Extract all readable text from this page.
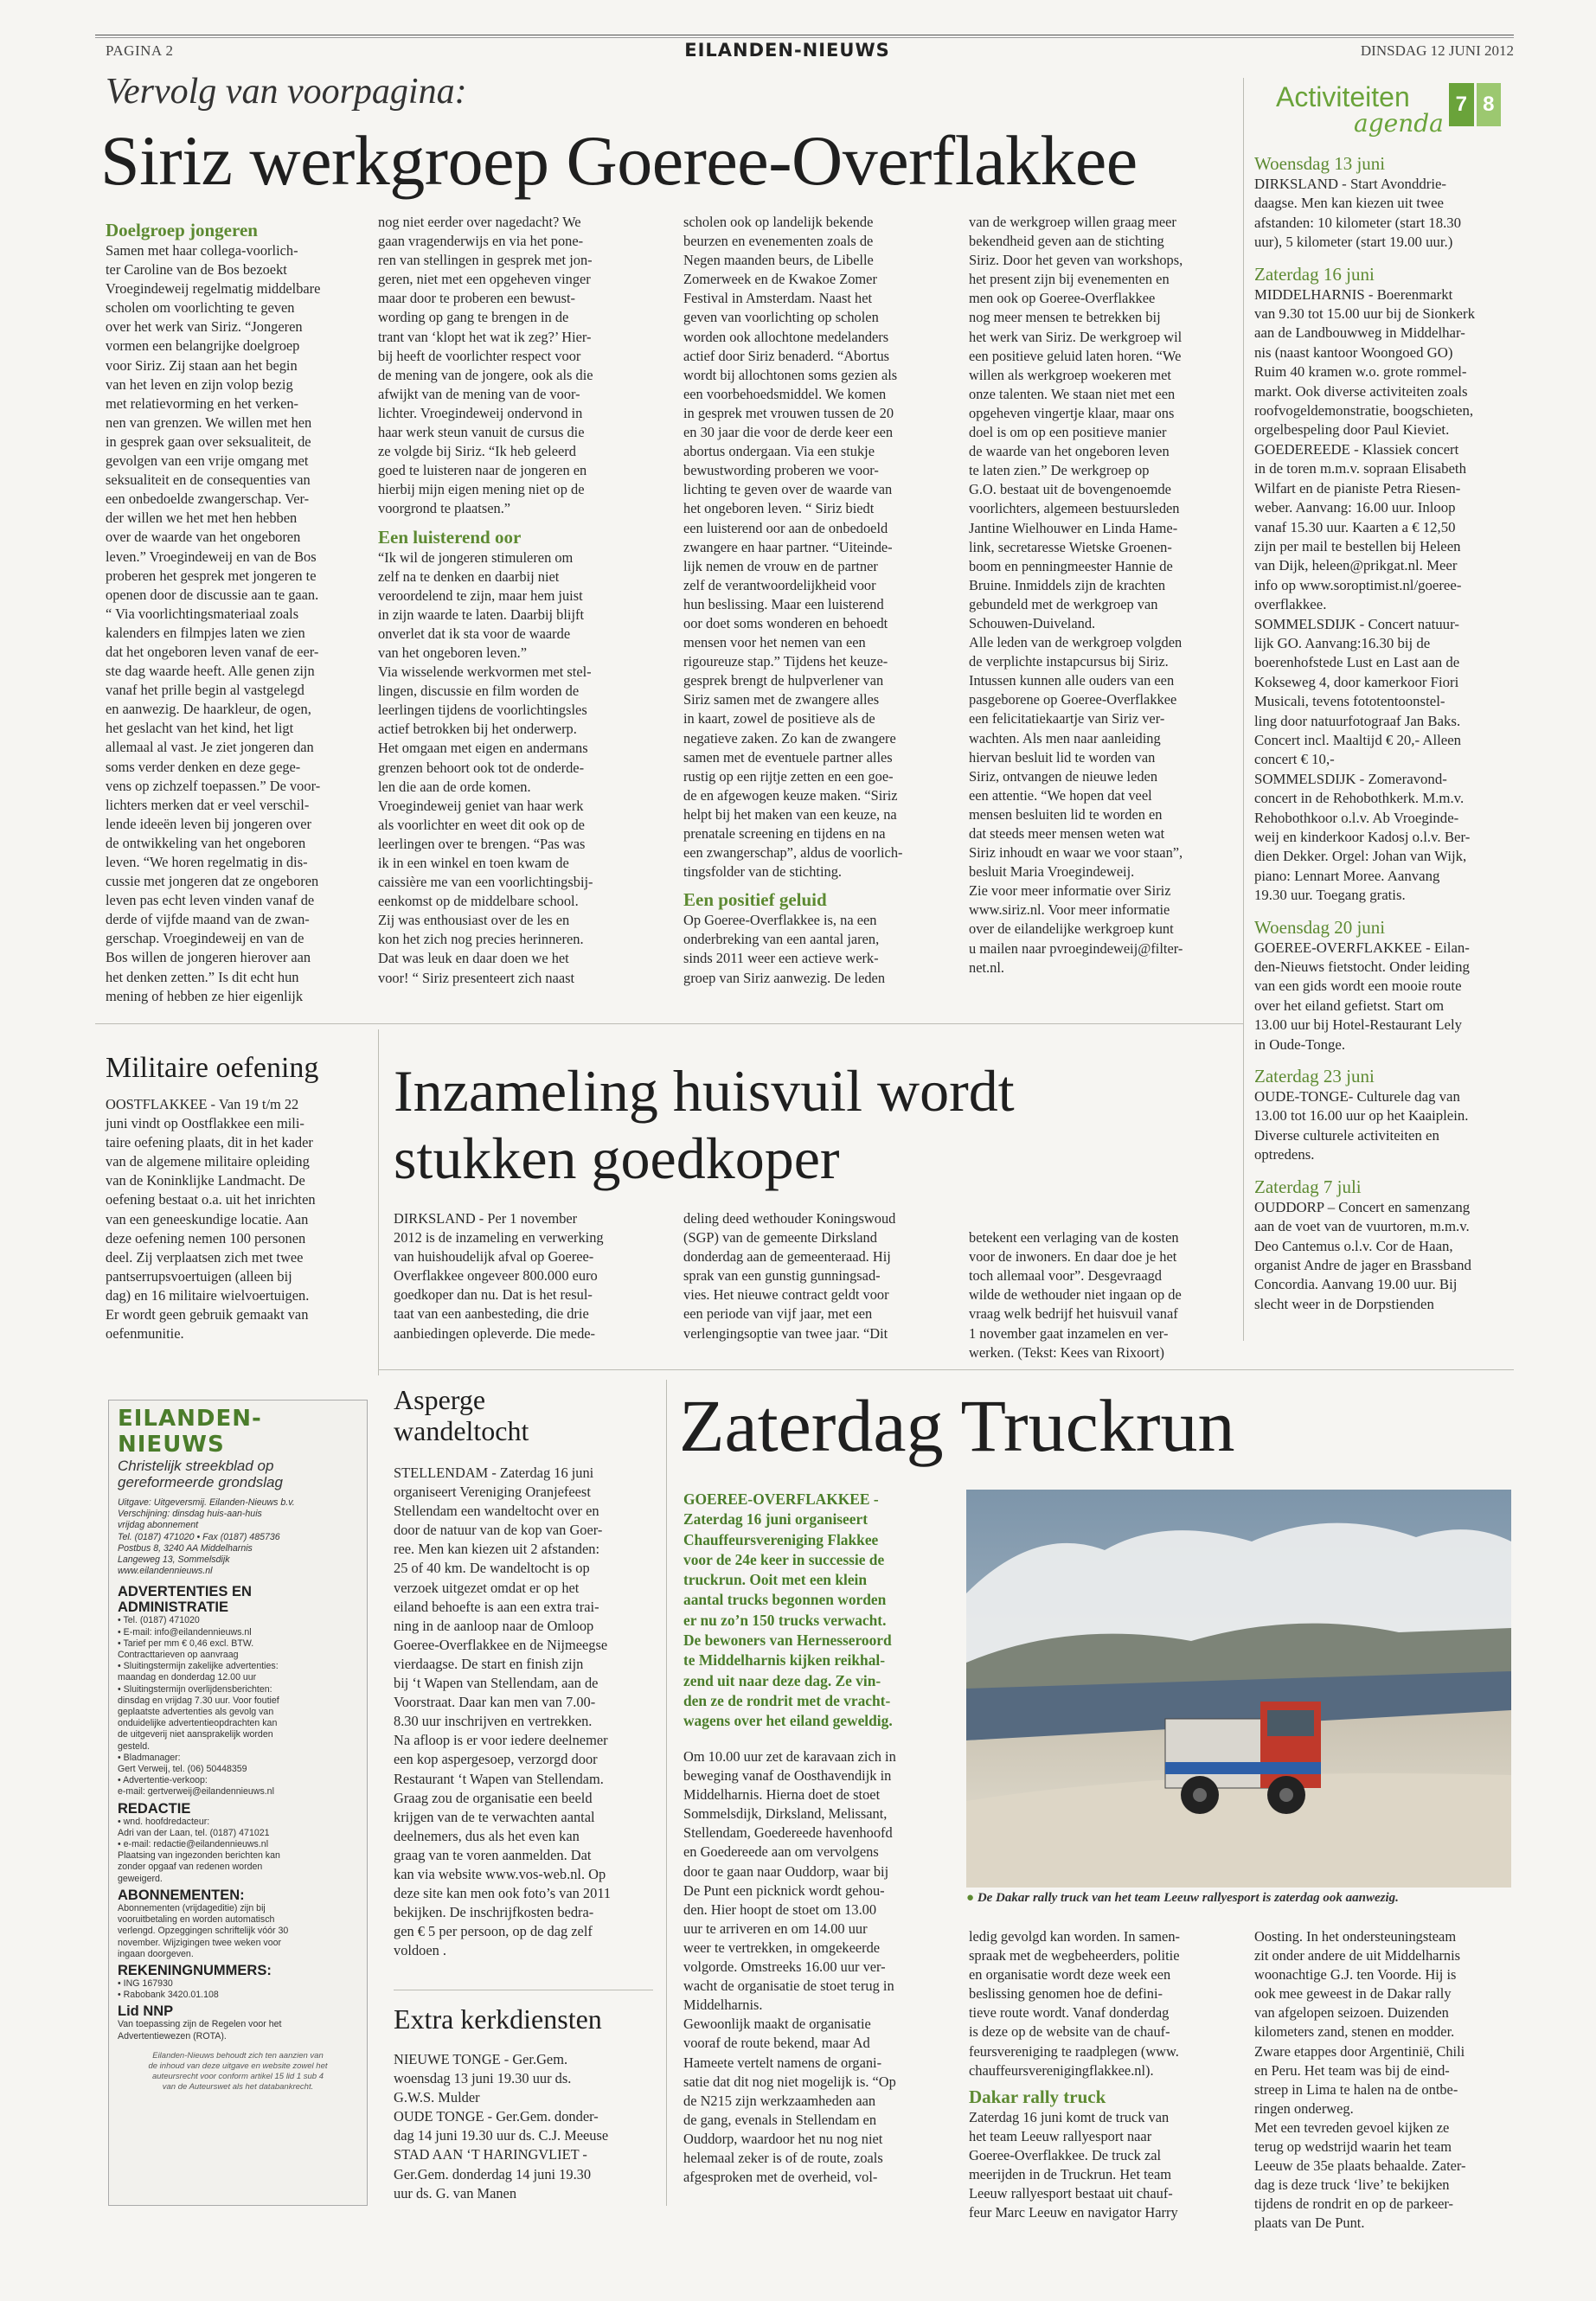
PAGINA 2	EILANDEN-NIEUWS	DINSDAG 12 JUNI 2012
Activiteiten
agenda
7 8
Woensdag 13 juni
DIRKSLAND - Start Avonddrie-
daagse. Men kan kiezen uit twee
afstanden: 10 kilometer (start 18.30
uur), 5 kilometer (start 19.00 uur.)
Zaterdag 16 juni
MIDDELHARNIS - Boerenmarkt
van 9.30 tot 15.00 uur bij de Sionkerk
aan de Landbouwweg in Middelhar-
nis (naast kantoor Woongoed GO)
Ruim 40 kramen w.o. grote rommel-
markt. Ook diverse activiteiten zoals
roofvogeldemonstratie, boogschieten,
orgelbespeling door Paul Kieviet.
GOEDEREEDE - Klassiek concert
in de toren m.m.v. sopraan Elisabeth
Wilfart en de pianiste Petra Riesen-
weber. Aanvang: 16.00 uur. Inloop
vanaf 15.30 uur. Kaarten a € 12,50
zijn per mail te bestellen bij Heleen
van Dijk, heleen@prikgat.nl. Meer
info op www.soroptimist.nl/goeree-
overflakkee.
SOMMELSDIJK - Concert natuur-
lijk GO. Aanvang:16.30 bij de
boerenhofstede Lust en Last aan de
Kokseweg 4, door kamerkoor Fiori
Musicali, tevens fototentoonstel-
ling door natuurfotograaf Jan Baks.
Concert incl. Maaltijd € 20,- Alleen
concert € 10,-
SOMMELSDIJK - Zomeravond-
concert in de Rehobothkerk. M.m.v.
Rehobothkoor o.l.v. Ab Vroeginde-
weij en kinderkoor Kadosj o.l.v. Ber-
dien Dekker. Orgel: Johan van Wijk,
piano: Lennart Moree. Aanvang
19.30 uur. Toegang gratis.
Woensdag 20 juni
GOEREE-OVERFLAKKEE - Eilan-
den-Nieuws fietstocht. Onder leiding
van een gids wordt een mooie route
over het eiland gefietst. Start om
13.00 uur bij Hotel-Restaurant Lely
in Oude-Tonge.
Zaterdag 23 juni
OUDE-TONGE- Culturele dag van
13.00 tot 16.00 uur op het Kaaiplein.
Diverse culturele activiteiten en
optredens.
Zaterdag 7 juli
OUDDORP – Concert en samenzang
aan de voet van de vuurtoren, m.m.v.
Deo Cantemus o.l.v. Cor de Haan,
organist Andre de jager en Brassband
Concordia. Aanvang 19.00 uur. Bij
slecht weer in de Dorpstienden
Vervolg van voorpagina:
Siriz werkgroep Goeree-Overflakkee
Doelgroep jongeren
Samen met haar collega-voorlich-
ter Caroline van de Bos bezoekt
Vroegindeweij regelmatig middelbare
scholen om voorlichting te geven
over het werk van Siriz. “Jongeren
vormen een belangrijke doelgroep
voor Siriz. Zij staan aan het begin
van het leven en zijn volop bezig
met relatievorming en het verken-
nen van grenzen. We willen met hen
in gesprek gaan over seksualiteit, de
gevolgen van een vrije omgang met
seksualiteit en de consequenties van
een onbedoelde zwangerschap. Ver-
der willen we het met hen hebben
over de waarde van het ongeboren
leven.” Vroegindeweij en van de Bos
proberen het gesprek met jongeren te
openen door de discussie aan te gaan.
“ Via voorlichtingsmateriaal zoals
kalenders en filmpjes laten we zien
dat het ongeboren leven vanaf de eer-
ste dag waarde heeft. Alle genen zijn
vanaf het prille begin al vastgelegd
en aanwezig. De haarkleur, de ogen,
het geslacht van het kind, het ligt
allemaal al vast. Je ziet jongeren dan
soms verder denken en deze gege-
vens op zichzelf toepassen.” De voor-
lichters merken dat er veel verschil-
lende ideeën leven bij jongeren over
de ontwikkeling van het ongeboren
leven. “We horen regelmatig in dis-
cussie met jongeren dat ze ongeboren
leven pas echt leven vinden vanaf de
derde of vijfde maand van de zwan-
gerschap. Vroegindeweij en van de
Bos willen de jongeren hierover aan
het denken zetten.” Is dit echt hun
mening of hebben ze hier eigenlijk
nog niet eerder over nagedacht? We
gaan vragenderwijs en via het pone-
ren van stellingen in gesprek met jon-
geren, niet met een opgeheven vinger
maar door te proberen een bewust-
wording op gang te brengen in de
trant van ‘klopt het wat ik zeg?’ Hier-
bij heeft de voorlichter respect voor
de mening van de jongere, ook als die
afwijkt van de mening van de voor-
lichter. Vroegindeweij ondervond in
haar werk steun vanuit de cursus die
ze volgde bij Siriz. “Ik heb geleerd
goed te luisteren naar de jongeren en
hierbij mijn eigen mening niet op de
voorgrond te plaatsen.”
Een luisterend oor
“Ik wil de jongeren stimuleren om
zelf na te denken en daarbij niet
veroordelend te zijn, maar hem juist
in zijn waarde te laten. Daarbij blijft
onverlet dat ik sta voor de waarde
van het ongeboren leven.”
Via wisselende werkvormen met stel-
lingen, discussie en film worden de
leerlingen tijdens de voorlichtingsles
actief betrokken bij het onderwerp.
Het omgaan met eigen en andermans
grenzen behoort ook tot de onderde-
len die aan de orde komen.
Vroegindeweij geniet van haar werk
als voorlichter en weet dit ook op de
leerlingen over te brengen. “Pas was
ik in een winkel en toen kwam de
caissière me van een voorlichtingsbij-
eenkomst op de middelbare school.
Zij was enthousiast over de les en
kon het zich nog precies herinneren.
Dat was leuk en daar doen we het
voor! “ Siriz presenteert zich naast
scholen ook op landelijk bekende
beurzen en evenementen zoals de
Negen maanden beurs, de Libelle
Zomerweek en de Kwakoe Zomer
Festival in Amsterdam. Naast het
geven van voorlichting op scholen
worden ook allochtone medelanders
actief door Siriz benaderd. “Abortus
wordt bij allochtonen soms gezien als
een voorbehoedsmiddel. We komen
in gesprek met vrouwen tussen de 20
en 30 jaar die voor de derde keer een
abortus ondergaan. Via een stukje
bewustwording proberen we voor-
lichting te geven over de waarde van
het ongeboren leven. “ Siriz biedt
een luisterend oor aan de onbedoeld
zwangere en haar partner. “Uiteinde-
lijk nemen de vrouw en de partner
zelf de verantwoordelijkheid voor
hun beslissing. Maar een luisterend
oor doet soms wonderen en behoedt
mensen voor het nemen van een
rigoureuze stap.” Tijdens het keuze-
gesprek brengt de hulpverlener van
Siriz samen met de zwangere alles
in kaart, zowel de positieve als de
negatieve zaken. Zo kan de zwangere
samen met de eventuele partner alles
rustig op een rijtje zetten en een goe-
de en afgewogen keuze maken. “Siriz
helpt bij het maken van een keuze, na
prenatale screening en tijdens en na
een zwangerschap”, aldus de voorlich-
tingsfolder van de stichting.
Een positief geluid
Op Goeree-Overflakkee is, na een
onderbreking van een aantal jaren,
sinds 2011 weer een actieve werk-
groep van Siriz aanwezig. De leden
van de werkgroep willen graag meer
bekendheid geven aan de stichting
Siriz. Door het geven van workshops,
het present zijn bij evenementen en
men ook op Goeree-Overflakkee
nog meer mensen te betrekken bij
het werk van Siriz. De werkgroep wil
een positieve geluid laten horen. “We
willen als werkgroep woekeren met
onze talenten. We staan niet met een
opgeheven vingertje klaar, maar ons
doel is om op een positieve manier
de waarde van het ongeboren leven
te laten zien.” De werkgroep op
G.O. bestaat uit de bovengenoemde
voorlichters, algemeen bestuursleden
Jantine Wielhouwer en Linda Hame-
link, secretaresse Wietske Groenen-
boom en penningmeester Hannie de
Bruine. Inmiddels zijn de krachten
gebundeld met de werkgroep van
Schouwen-Duiveland.
Alle leden van de werkgroep volgden
de verplichte instapcursus bij Siriz.
Intussen kunnen alle ouders van een
pasgeborene op Goeree-Overflakkee
een felicitatiekaartje van Siriz ver-
wachten. Als men naar aanleiding
hiervan besluit lid te worden van
Siriz, ontvangen de nieuwe leden
een attentie. “We hopen dat veel
mensen besluiten lid te worden en
dat steeds meer mensen weten wat
Siriz inhoudt en waar we voor staan”,
besluit Maria Vroegindeweij.
Zie voor meer informatie over Siriz
www.siriz.nl. Voor meer informatie
over de eilandelijke werkgroep kunt
u mailen naar pvroegindeweij@filter-
net.nl.
Militaire oefening
OOSTFLAKKEE - Van 19 t/m 22
juni vindt op Oostflakkee een mili-
taire oefening plaats, dit in het kader
van de algemene militaire opleiding
van de Koninklijke Landmacht. De
oefening bestaat o.a. uit het inrichten
van een geneeskundige locatie. Aan
deze oefening nemen 100 personen
deel. Zij verplaatsen zich met twee
pantserrupsvoertuigen (alleen bij
dag) en 16 militaire wielvoertuigen.
Er wordt geen gebruik gemaakt van
oefenmunitie.
Inzameling huisvuil wordt
stukken goedkoper
DIRKSLAND - Per 1 november
2012 is de inzameling en verwerking
van huishoudelijk afval op Goeree-
Overflakkee ongeveer 800.000 euro
goedkoper dan nu. Dat is het resul-
taat van een aanbesteding, die drie
aanbiedingen opleverde. Die mede-
deling deed wethouder Koningswoud
(SGP) van de gemeente Dirksland
donderdag aan de gemeenteraad. Hij
sprak van een gunstig gunningsad-
vies. Het nieuwe contract geldt voor
een periode van vijf jaar, met een
verlengingsoptie van twee jaar. “Dit

betekent een verlaging van de kosten
voor de inwoners. En daar doe je het
toch allemaal voor”. Desgevraagd
wilde de wethouder niet ingaan op de
vraag welk bedrijf het huisvuil vanaf
1 november gaat inzamelen en ver-
werken. (Tekst: Kees van Rixoort)

EILANDEN-NIEUWS
Christelijk streekblad op
gereformeerde grondslag
Uitgave: Uitgeversmij. Eilanden-Nieuws b.v.
Verschijning: dinsdag huis-aan-huis
vrijdag abonnement
Tel. (0187) 471020 • Fax (0187) 485736
Postbus 8, 3240 AA Middelharnis
Langeweg 13, Sommelsdijk
www.eilandennieuws.nl
ADVERTENTIES EN
ADMINISTRATIE
• Tel. (0187) 471020
• E-mail: info@eilandennieuws.nl
• Tarief per mm € 0,46 excl. BTW.
Contracttarieven op aanvraag
• Sluitingstermijn zakelijke advertenties:
maandag en donderdag 12.00 uur
• Sluitingstermijn overlijdensberichten:
dinsdag en vrijdag 7.30 uur. Voor foutief
geplaatste advertenties als gevolg van
onduidelijke advertentieopdrachten kan
de uitgeverij niet aansprakelijk worden
gesteld.
• Bladmanager:
Gert Verweij, tel. (06) 50448359
• Advertentie-verkoop:
e-mail: gertverweij@eilandennieuws.nl
REDACTIE
• wnd. hoofdredacteur:
Adri van der Laan, tel. (0187) 471021
• e-mail: redactie@eilandennieuws.nl
Plaatsing van ingezonden berichten kan
zonder opgaaf van redenen worden
geweigerd.
ABONNEMENTEN:
Abonnementen (vrijdageditie) zijn bij
vooruitbetaling en worden automatisch
verlengd. Opzeggingen schriftelijk vóór 30
november. Wijzigingen twee weken voor
ingaan doorgeven.
REKENINGNUMMERS:
• ING 167930
• Rabobank 3420.01.108
Lid NNP
Van toepassing zijn de Regelen voor het
Advertentiewezen (ROTA).
Eilanden-Nieuws behoudt zich ten aanzien van
de inhoud van deze uitgave en website zowel het
auteursrecht voor conform artikel 15 lid 1 sub 4
van de Auteurswet als het databankrecht.
Asperge
wandeltocht
STELLENDAM - Zaterdag 16 juni
organiseert Vereniging Oranjefeest
Stellendam een wandeltocht over en
door de natuur van de kop van Goer-
ree. Men kan kiezen uit 2 afstanden:
25 of 40 km. De wandeltocht is op
verzoek uitgezet omdat er op het
eiland behoefte is aan een extra trai-
ning in de aanloop naar de Omloop
Goeree-Overflakkee en de Nijmeegse
vierdaagse. De start en finish zijn
bij ‘t Wapen van Stellendam, aan de
Voorstraat. Daar kan men van 7.00-
8.30 uur inschrijven en vertrekken.
Na afloop is er voor iedere deelnemer
een kop aspergesoep, verzorgd door
Restaurant ‘t Wapen van Stellendam.
Graag zou de organisatie een beeld
krijgen van de te verwachten aantal
deelnemers, dus als het even kan
graag van te voren aanmelden. Dat
kan via website www.vos-web.nl. Op
deze site kan men ook foto’s van 2011
bekijken. De inschrijfkosten bedra-
gen € 5 per persoon, op de dag zelf
voldoen .
Extra kerkdiensten
NIEUWE TONGE - Ger.Gem.
woensdag 13 juni 19.30 uur ds.
G.W.S. Mulder
OUDE TONGE - Ger.Gem. donder-
dag 14 juni 19.30 uur ds. C.J. Meeuse
STAD AAN ‘T HARINGVLIET -
Ger.Gem. donderdag 14 juni 19.30
uur ds. G. van Manen
Zaterdag Truckrun
GOEREE-OVERFLAKKEE -
Zaterdag 16 juni organiseert
Chauffeursvereniging Flakkee
voor de 24e keer in successie de
truckrun. Ooit met een klein
aantal trucks begonnen worden
er nu zo’n 150 trucks verwacht.
De bewoners van Hernesseroord
te Middelharnis kijken reikhal-
zend uit naar deze dag. Ze vin-
den ze de rondrit met de vracht-
wagens over het eiland geweldig.
Om 10.00 uur zet de karavaan zich in
beweging vanaf de Oosthavendijk in
Middelharnis. Hierna doet de stoet
Sommelsdijk, Dirksland, Melissant,
Stellendam, Goedereede havenhoofd
en Goedereede aan om vervolgens
door te gaan naar Ouddorp, waar bij
De Punt een picknick wordt gehou-
den. Hier hoopt de stoet om 13.00
uur te arriveren en om 14.00 uur
weer te vertrekken, in omgekeerde
volgorde. Omstreeks 16.00 uur ver-
wacht de organisatie de stoet terug in
Middelharnis.
Gewoonlijk maakt de organisatie
vooraf de route bekend, maar Ad
Hameete vertelt namens de organi-
satie dat dit nog niet mogelijk is. “Op
de N215 zijn werkzaamheden aan
de gang, evenals in Stellendam en
Ouddorp, waardoor het nu nog niet
helemaal zeker is of de route, zoals
afgesproken met de overheid, vol-
● De Dakar rally truck van het team Leeuw rallyesport is zaterdag ook aanwezig.
ledig gevolgd kan worden. In samen-
spraak met de wegbeheerders, politie
en organisatie wordt deze week een
beslissing genomen hoe de defini-
tieve route wordt. Vanaf donderdag
is deze op de website van de chauf-
feursvereniging te raadplegen (www.
chauffeursverenigingflakkee.nl).
Dakar rally truck
Zaterdag 16 juni komt de truck van
het team Leeuw rallyesport naar
Goeree-Overflakkee. De truck zal
meerijden in de Truckrun. Het team
Leeuw rallyesport bestaat uit chauf-
feur Marc Leeuw en navigator Harry
Oosting. In het ondersteuningsteam
zit onder andere de uit Middelharnis
woonachtige G.J. ten Voorde. Hij is
ook mee geweest in de Dakar rally
van afgelopen seizoen. Duizenden
kilometers zand, stenen en modder.
Zware etappes door Argentinië, Chili
en Peru. Het team was bij de eind-
streep in Lima te halen na de ontbe-
ringen onderweg.
Met een tevreden gevoel kijken ze
terug op wedstrijd waarin het team
Leeuw de 35e plaats behaalde. Zater-
dag is deze truck ‘live’ te bekijken
tijdens de rondrit en op de parkeer-
plaats van De Punt.
